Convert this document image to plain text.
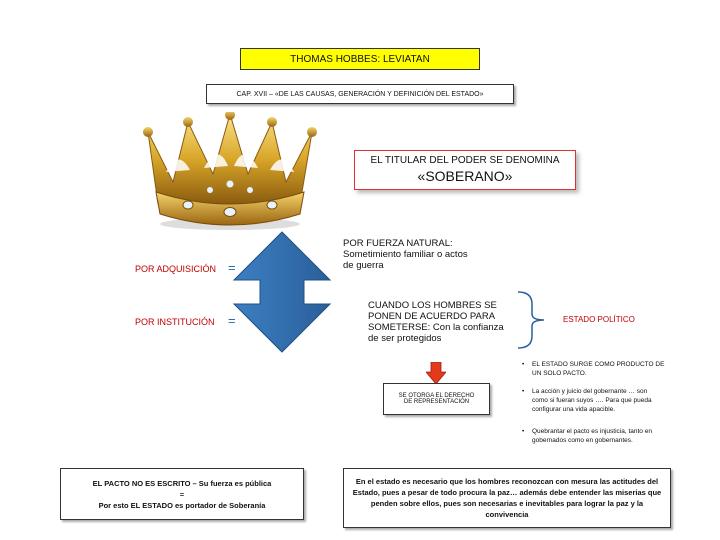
THOMAS HOBBES: LEVIATAN
CAP. XVII – «DE LAS CAUSAS, GENERACIÓN Y DEFINICIÓN DEL ESTADO»
EL TITULAR DEL PODER SE DENOMINA
«SOBERANO»
POR ADQUISICIÓN =
POR INSTITUCIÓN =
POR FUERZA NATURAL:
Sometimiento familiar o actos
de guerra
CUANDO LOS HOMBRES SE
PONEN DE ACUERDO PARA
SOMETERSE: Con la confianza
de ser protegidos
ESTADO POLÍTICO
SE OTORGA EL DERECHO
DE REPRESENTACIÓN
•	EL ESTADO SURGE COMO PRODUCTO DE
UN SOLO PACTO.
•	La acción y juicio del gobernante … son
como si fueran suyos …. Para que pueda
configurar una vida apacible.
•	Quebrantar el pacto es injusticia, tanto en
gobernados como en gobernantes.
EL PACTO NO ES ESCRITO – Su fuerza es pública
=
Por esto EL ESTADO es portador de Soberanía
En el estado es necesario que los hombres reconozcan con mesura las actitudes del Estado, pues a pesar de todo procura la paz… además debe entender las miserias que penden sobre ellos, pues son necesarias e inevitables para lograr la paz y la convivencia
